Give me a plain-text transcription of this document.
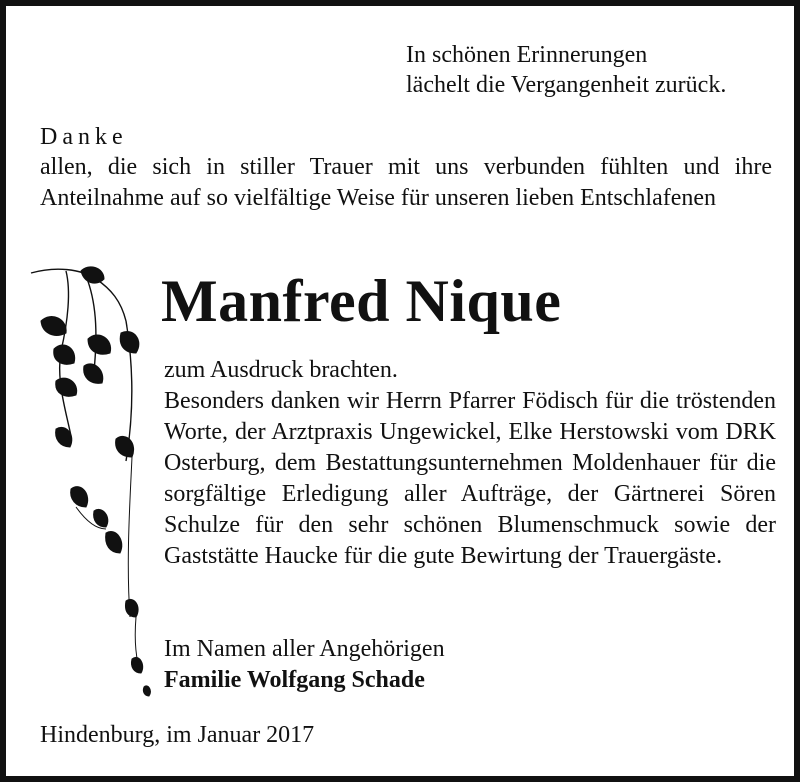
In schönen Erinnerungen
lächelt die Vergangenheit zurück.

Danke

allen, die sich in stiller Trauer mit uns verbunden fühlten und ihre Anteilnahme auf so vielfältige Weise für unseren lieben Entschlafenen

Manfred Nique

zum Ausdruck brachten.
Besonders danken wir Herrn Pfarrer Födisch für die tröstenden Worte, der Arztpraxis Ungewickel, Elke Herstowski vom DRK Osterburg, dem Bestattungsunternehmen Moldenhauer für die sorgfältige Erledigung aller Aufträge, der Gärtnerei Sören Schulze für den sehr schönen Blumenschmuck sowie der Gaststätte Haucke für die gute Bewirtung der Trauergäste.

Im Namen aller Angehörigen
Familie Wolfgang Schade

Hindenburg, im Januar 2017
